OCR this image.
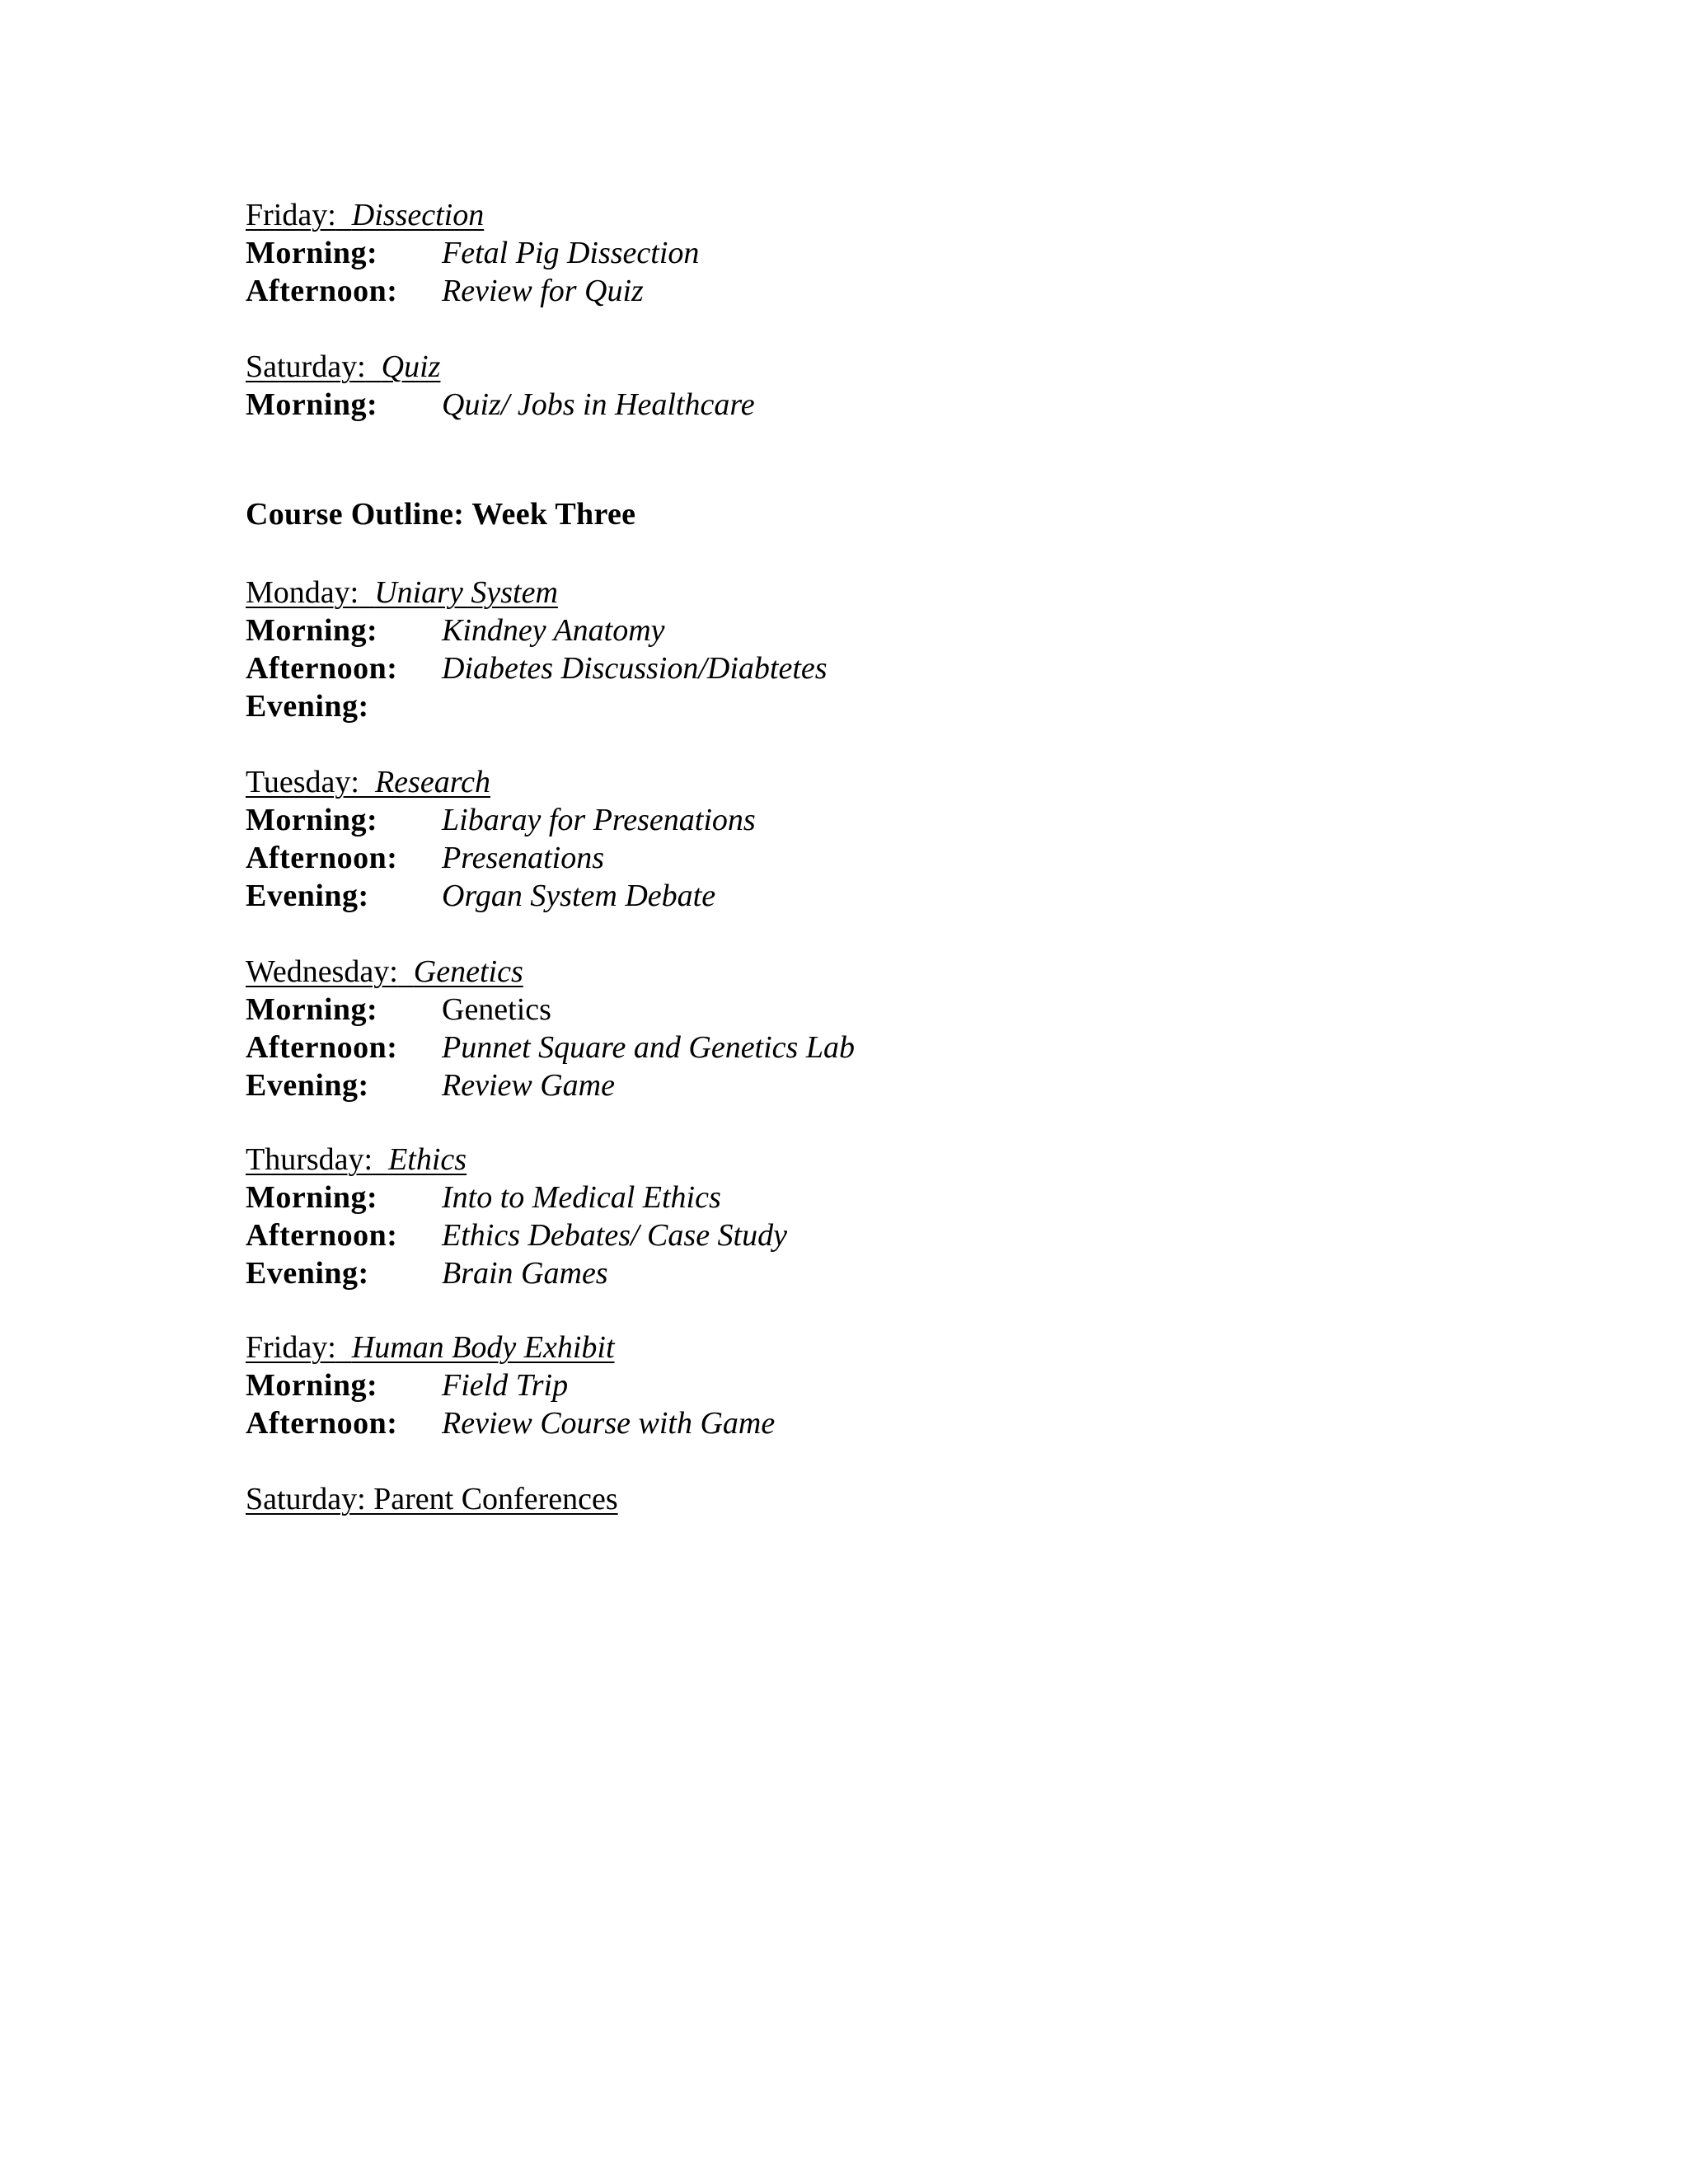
Friday: Dissection
Morning: Fetal Pig Dissection
Afternoon: Review for Quiz
Saturday: Quiz
Morning: Quiz/ Jobs in Healthcare
Course Outline: Week Three
Monday: Uniary System
Morning: Kindney Anatomy
Afternoon: Diabetes Discussion/Diabtetes
Evening:
Tuesday: Research
Morning: Libaray for Presenations
Afternoon: Presenations
Evening: Organ System Debate
Wednesday: Genetics
Morning: Genetics
Afternoon: Punnet Square and Genetics Lab
Evening: Review Game
Thursday: Ethics
Morning: Into to Medical Ethics
Afternoon: Ethics Debates/ Case Study
Evening: Brain Games
Friday: Human Body Exhibit
Morning: Field Trip
Afternoon: Review Course with Game
Saturday: Parent Conferences
